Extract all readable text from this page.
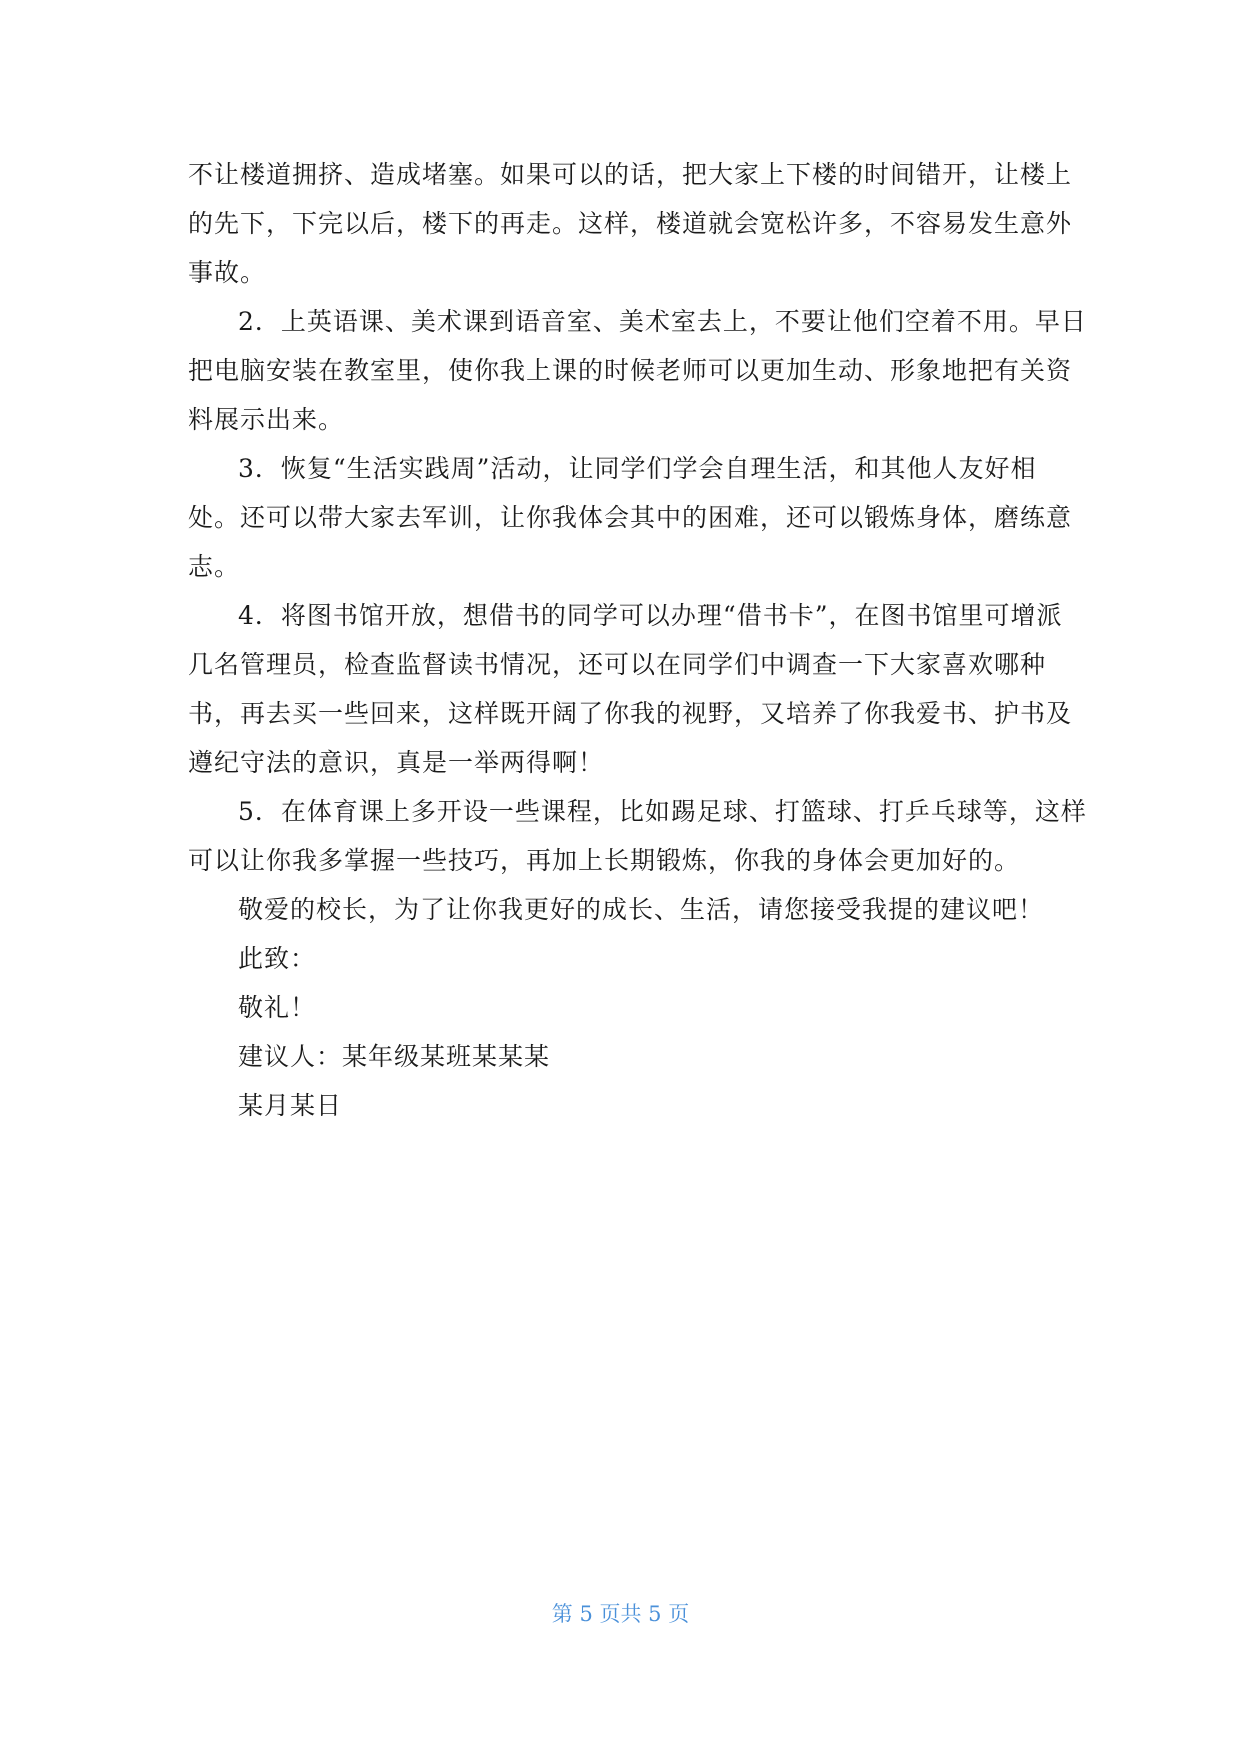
不让楼道拥挤、造成堵塞。如果可以的话，把大家上下楼的时间错开，让楼上
的先下，下完以后，楼下的再走。这样，楼道就会宽松许多，不容易发生意外
事故。
2．上英语课、美术课到语音室、美术室去上，不要让他们空着不用。早日
把电脑安装在教室里，使你我上课的时候老师可以更加生动、形象地把有关资
料展示出来。
3．恢复“生活实践周”活动，让同学们学会自理生活，和其他人友好相
处。还可以带大家去军训，让你我体会其中的困难，还可以锻炼身体，磨练意
志。
4．将图书馆开放，想借书的同学可以办理“借书卡”，在图书馆里可增派
几名管理员，检查监督读书情况，还可以在同学们中调查一下大家喜欢哪种
书，再去买一些回来，这样既开阔了你我的视野，又培养了你我爱书、护书及
遵纪守法的意识，真是一举两得啊！
5．在体育课上多开设一些课程，比如踢足球、打篮球、打乒乓球等，这样
可以让你我多掌握一些技巧，再加上长期锻炼，你我的身体会更加好的。
敬爱的校长，为了让你我更好的成长、生活，请您接受我提的建议吧！
此致：
敬礼！
建议人：某年级某班某某某
某月某日
第 5 页共 5 页
